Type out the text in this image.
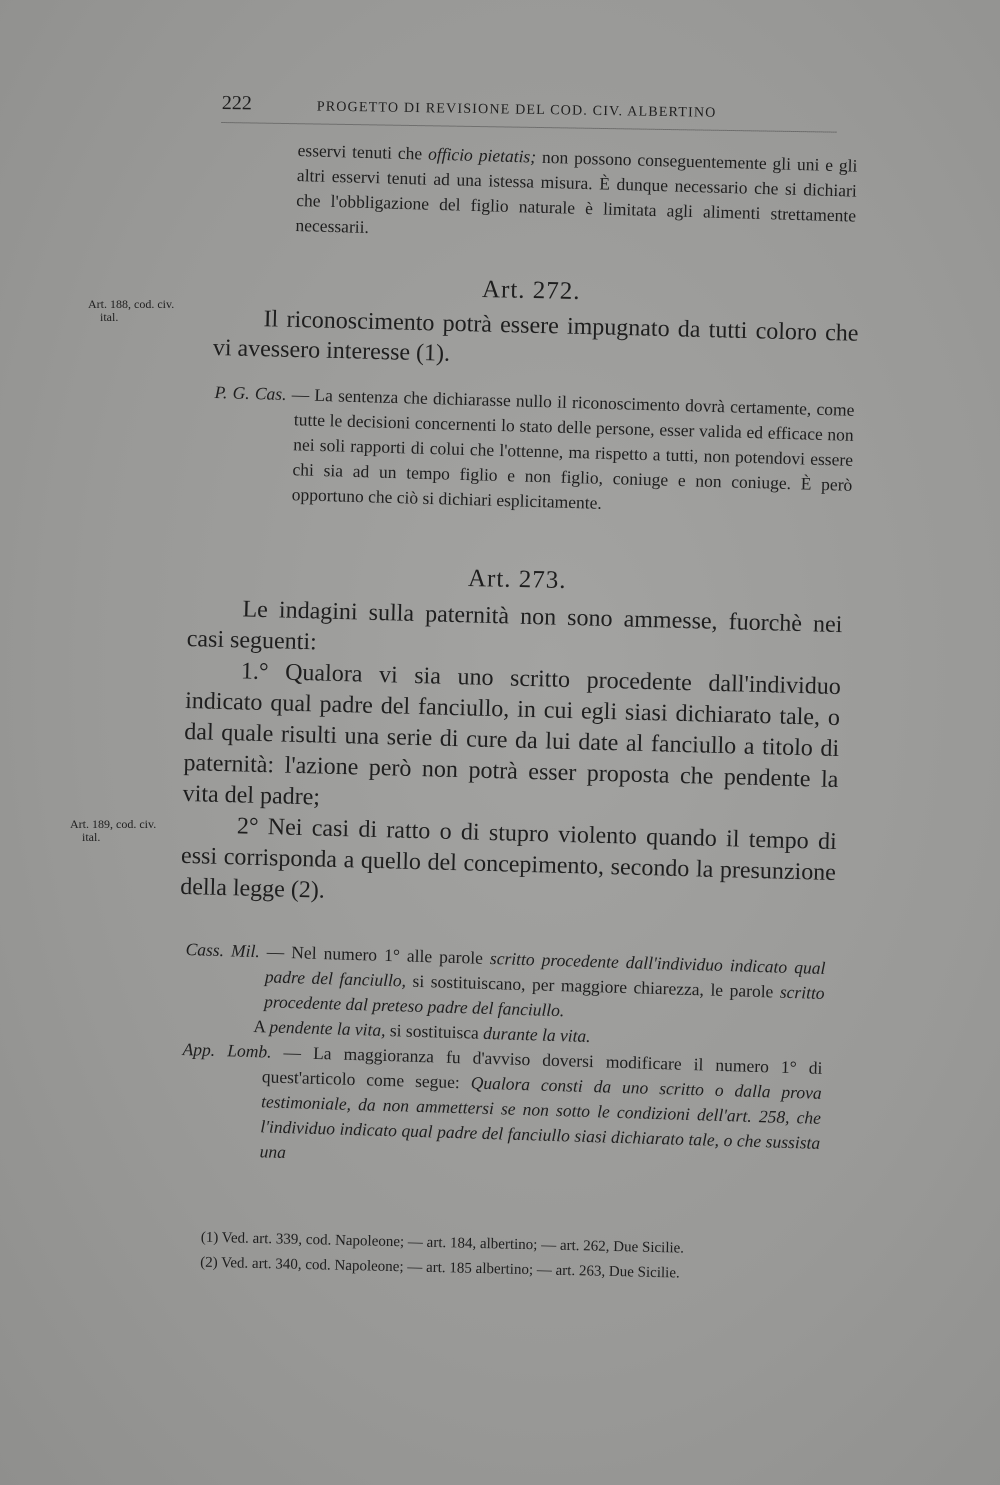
222	PROGETTO DI REVISIONE DEL COD. CIV. ALBERTINO

esservi tenuti che officio pietatis; non possono conseguentemente gli uni e gli altri esservi tenuti ad una istessa misura. È dunque necessario che si dichiari che l'obbligazione del figlio naturale è limitata agli alimenti strettamente necessarii.

Art. 188, cod. civ.
ital.
Art. 272.

Il riconoscimento potrà essere impugnato da tutti coloro che vi avessero interesse (1).

P. G. Cas. — La sentenza che dichiarasse nullo il riconoscimento dovrà certamente, come tutte le decisioni concernenti lo stato delle persone, esser valida ed efficace non nei soli rapporti di colui che l'ottenne, ma rispetto a tutti, non potendovi essere chi sia ad un tempo figlio e non figlio, coniuge e non coniuge. È però opportuno che ciò si dichiari esplicitamente.

Art. 273.

Le indagini sulla paternità non sono ammesse, fuorchè nei casi seguenti:

1.° Qualora vi sia uno scritto procedente dall'individuo indicato qual padre del fanciullo, in cui egli siasi dichiarato tale, o dal quale risulti una serie di cure da lui date al fanciullo a titolo di paternità: l'azione però non potrà esser proposta che pendente la vita del padre;

2° Nei casi di ratto o di stupro violento quando il tempo di essi corrisponda a quello del concepimento, secondo la presunzione della legge (2).

Art. 189, cod. civ.
ital.

Cass. Mil. — Nel numero 1° alle parole scritto procedente dall'individuo indicato qual padre del fanciullo, si sostituiscano, per maggiore chiarezza, le parole scritto procedente dal preteso padre del fanciullo.

A pendente la vita, si sostituisca durante la vita.

App. Lomb. — La maggioranza fu d'avviso doversi modificare il numero 1° di quest'articolo come segue: Qualora consti da uno scritto o dalla prova testimoniale, da non ammettersi se non sotto le condizioni dell'art. 258, che l'individuo indicato qual padre del fanciullo siasi dichiarato tale, o che sussista una

(1) Ved. art. 339, cod. Napoleone; — art. 184, albertino; — art. 262, Due Sicilie.

(2) Ved. art. 340, cod. Napoleone; — art. 185 albertino; — art. 263, Due Sicilie.
